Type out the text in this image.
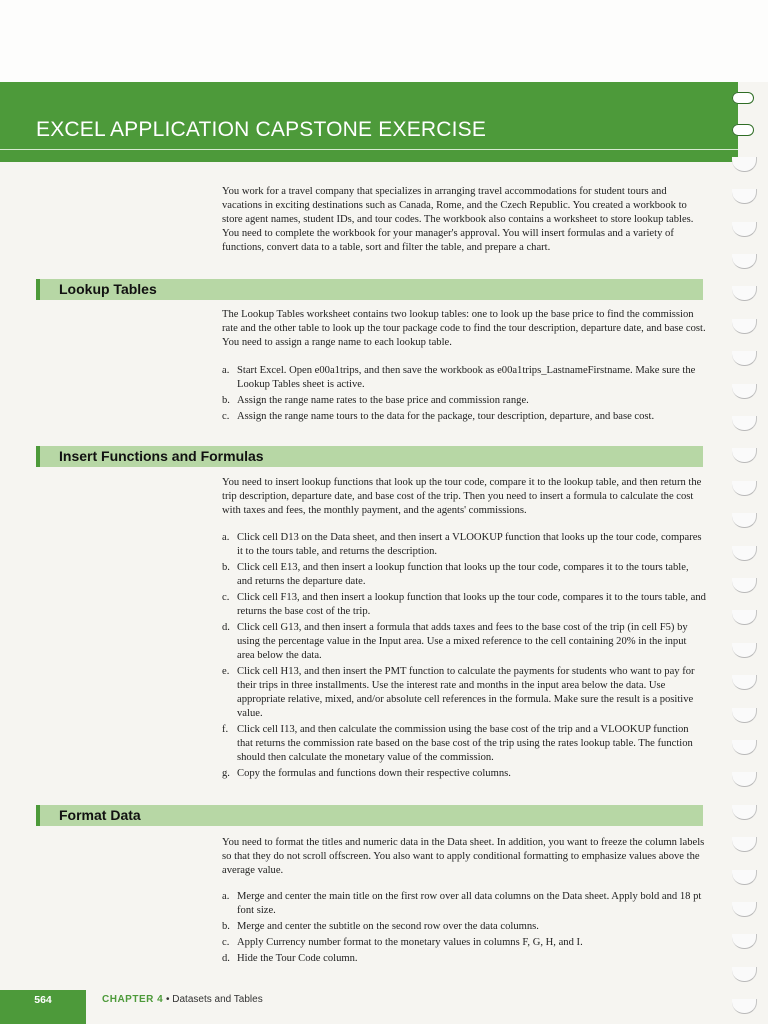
EXCEL APPLICATION CAPSTONE EXERCISE
You work for a travel company that specializes in arranging travel accommodations for student tours and vacations in exciting destinations such as Canada, Rome, and the Czech Republic. You created a workbook to store agent names, student IDs, and tour codes. The workbook also contains a worksheet to store lookup tables. You need to complete the workbook for your manager's approval. You will insert formulas and a variety of functions, convert data to a table, sort and filter the table, and prepare a chart.
Lookup Tables
The Lookup Tables worksheet contains two lookup tables: one to look up the base price to find the commission rate and the other table to look up the tour package code to find the tour description, departure date, and base cost. You need to assign a range name to each lookup table.
a. Start Excel. Open e00a1trips, and then save the workbook as e00a1trips_LastnameFirstname. Make sure the Lookup Tables sheet is active.
b. Assign the range name rates to the base price and commission range.
c. Assign the range name tours to the data for the package, tour description, departure, and base cost.
Insert Functions and Formulas
You need to insert lookup functions that look up the tour code, compare it to the lookup table, and then return the trip description, departure date, and base cost of the trip. Then you need to insert a formula to calculate the cost with taxes and fees, the monthly payment, and the agents' commissions.
a. Click cell D13 on the Data sheet, and then insert a VLOOKUP function that looks up the tour code, compares it to the tours table, and returns the description.
b. Click cell E13, and then insert a lookup function that looks up the tour code, compares it to the tours table, and returns the departure date.
c. Click cell F13, and then insert a lookup function that looks up the tour code, compares it to the tours table, and returns the base cost of the trip.
d. Click cell G13, and then insert a formula that adds taxes and fees to the base cost of the trip (in cell F5) by using the percentage value in the Input area. Use a mixed reference to the cell containing 20% in the input area below the data.
e. Click cell H13, and then insert the PMT function to calculate the payments for students who want to pay for their trips in three installments. Use the interest rate and months in the input area below the data. Use appropriate relative, mixed, and/or absolute cell references in the formula. Make sure the result is a positive value.
f. Click cell I13, and then calculate the commission using the base cost of the trip and a VLOOKUP function that returns the commission rate based on the base cost of the trip using the rates lookup table. The function should then calculate the monetary value of the commission.
g. Copy the formulas and functions down their respective columns.
Format Data
You need to format the titles and numeric data in the Data sheet. In addition, you want to freeze the column labels so that they do not scroll offscreen. You also want to apply conditional formatting to emphasize values above the average value.
a. Merge and center the main title on the first row over all data columns on the Data sheet. Apply bold and 18 pt font size.
b. Merge and center the subtitle on the second row over the data columns.
c. Apply Currency number format to the monetary values in columns F, G, H, and I.
d. Hide the Tour Code column.
564	CHAPTER 4 • Datasets and Tables
